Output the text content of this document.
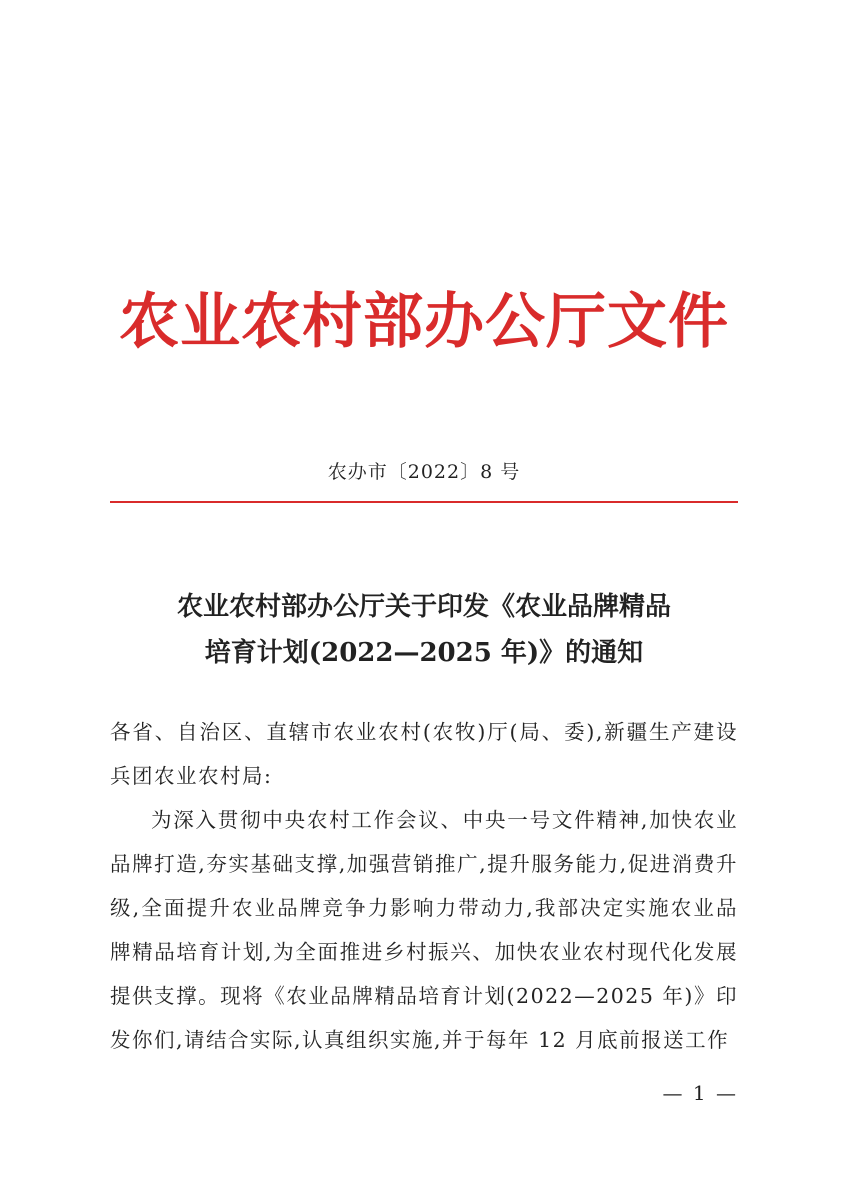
农业农村部办公厅文件
农办市〔2022〕8 号
农业农村部办公厅关于印发《农业品牌精品
培育计划(2022—2025 年)》的通知

各省、自治区、直辖市农业农村(农牧)厅(局、委),新疆生产建设兵团农业农村局:

为深入贯彻中央农村工作会议、中央一号文件精神,加快农业品牌打造,夯实基础支撑,加强营销推广,提升服务能力,促进消费升级,全面提升农业品牌竞争力影响力带动力,我部决定实施农业品牌精品培育计划,为全面推进乡村振兴、加快农业农村现代化发展提供支撑。现将《农业品牌精品培育计划(2022—2025 年)》印发你们,请结合实际,认真组织实施,并于每年 12 月底前报送工作

— 1 —
